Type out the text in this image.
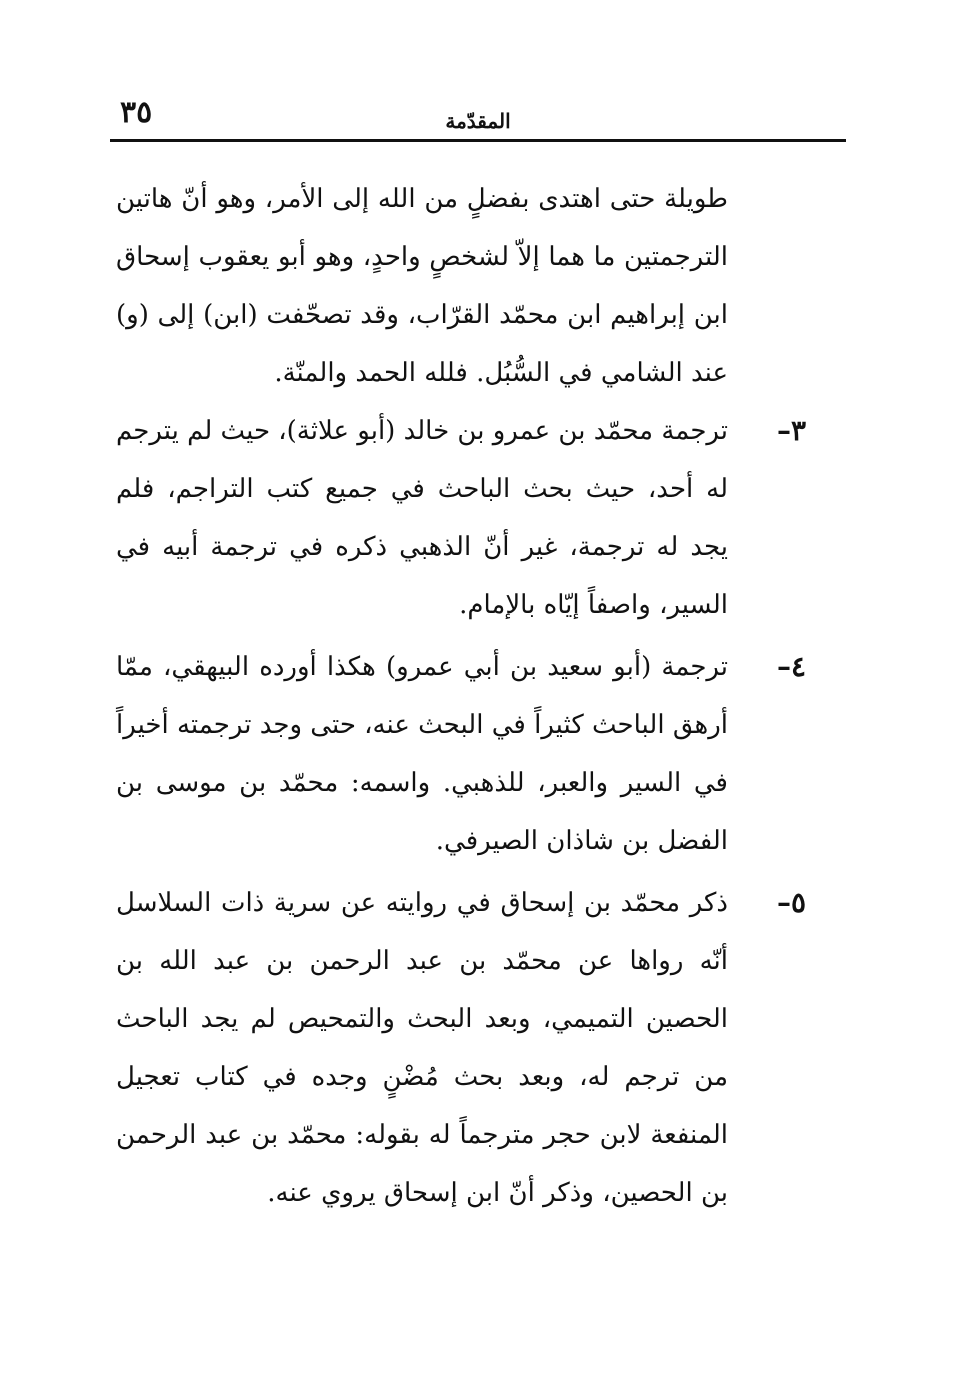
٣٥	المقدّمة

طويلة حتى اهتدى بفضلٍ من الله إلى الأمر، وهو أنّ هاتين الترجمتين ما هما إلاّ لشخصٍ واحدٍ، وهو أبو يعقوب إسحاق ابن إبراهيم ابن محمّد القرّاب، وقد تصحّفت (ابن) إلى (و) عند الشامي في السُّبُل. فلله الحمد والمنّة.

٣–

ترجمة محمّد بن عمرو بن خالد (أبو علاثة)، حيث لم يترجم له أحد، حيث بحث الباحث في جميع كتب التراجم، فلم يجد له ترجمة، غير أنّ الذهبي ذكره في ترجمة أبيه في السير، واصفاً إيّاه بالإمام.

٤–

ترجمة (أبو سعيد بن أبي عمرو) هكذا أورده البيهقي، ممّا أرهق الباحث كثيراً في البحث عنه، حتى وجد ترجمته أخيراً في السير والعبر، للذهبي. واسمه: محمّد بن موسى بن الفضل بن شاذان الصيرفي.

٥–

ذكر محمّد بن إسحاق في روايته عن سرية ذات السلاسل أنّه رواها عن محمّد بن عبد الرحمن بن عبد الله بن الحصين التميمي، وبعد البحث والتمحيص لم يجد الباحث من ترجم له، وبعد بحث مُضْنٍ وجده في كتاب تعجيل المنفعة لابن حجر مترجماً له بقوله: محمّد بن عبد الرحمن بن الحصين، وذكر أنّ ابن إسحاق يروي عنه.
